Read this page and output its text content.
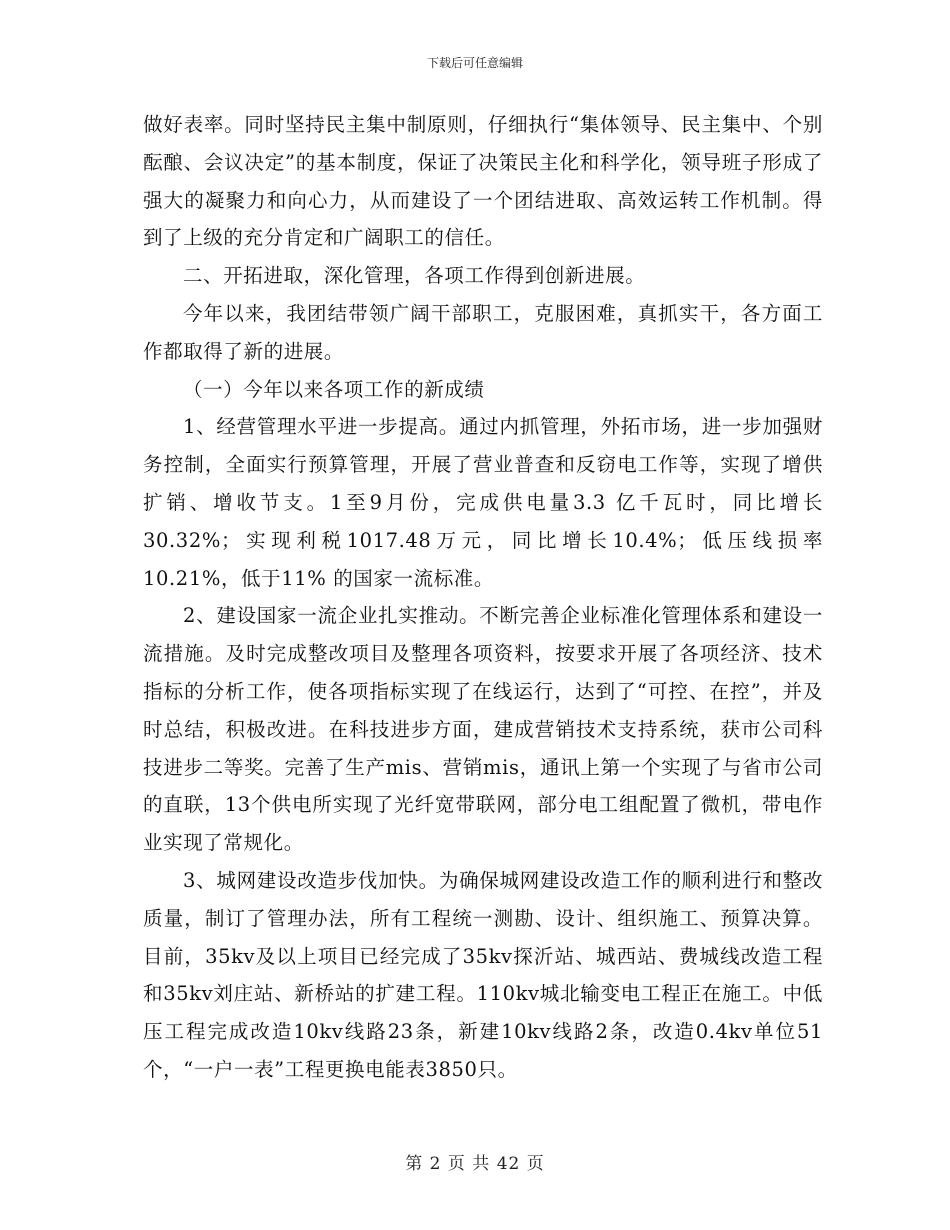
下载后可任意编辑

做好表率。同时坚持民主集中制原则，仔细执行“集体领导、民主集中、个别酝酿、会议决定”的基本制度，保证了决策民主化和科学化，领导班子形成了强大的凝聚力和向心力，从而建设了一个团结进取、高效运转工作机制。得到了上级的充分肯定和广阔职工的信任。

二、开拓进取，深化管理，各项工作得到创新进展。

今年以来，我团结带领广阔干部职工，克服困难，真抓实干，各方面工作都取得了新的进展。

（一）今年以来各项工作的新成绩

1、经营管理水平进一步提高。通过内抓管理，外拓市场，进一步加强财务控制，全面实行预算管理，开展了营业普查和反窃电工作等，实现了增供扩销、增收节支。1至9月份，完成供电量3.3 亿千瓦时，同比增长30.32%；实现利税1017.48万元，同比增长10.4%；低压线损率10.21%，低于11% 的国家一流标准。

2、建设国家一流企业扎实推动。不断完善企业标准化管理体系和建设一流措施。及时完成整改项目及整理各项资料，按要求开展了各项经济、技术指标的分析工作，使各项指标实现了在线运行，达到了“可控、在控”，并及时总结，积极改进。在科技进步方面，建成营销技术支持系统，获市公司科技进步二等奖。完善了生产mis、营销mis，通讯上第一个实现了与省市公司的直联，13个供电所实现了光纤宽带联网，部分电工组配置了微机，带电作业实现了常规化。

3、城网建设改造步伐加快。为确保城网建设改造工作的顺利进行和整改质量，制订了管理办法，所有工程统一测勘、设计、组织施工、预算决算。目前，35kv及以上项目已经完成了35kv探沂站、城西站、费城线改造工程和35kv刘庄站、新桥站的扩建工程。110kv城北输变电工程正在施工。中低压工程完成改造10kv线路23条，新建10kv线路2条，改造0.4kv单位51个，“一户一表”工程更换电能表3850只。

第 2 页 共 42 页
